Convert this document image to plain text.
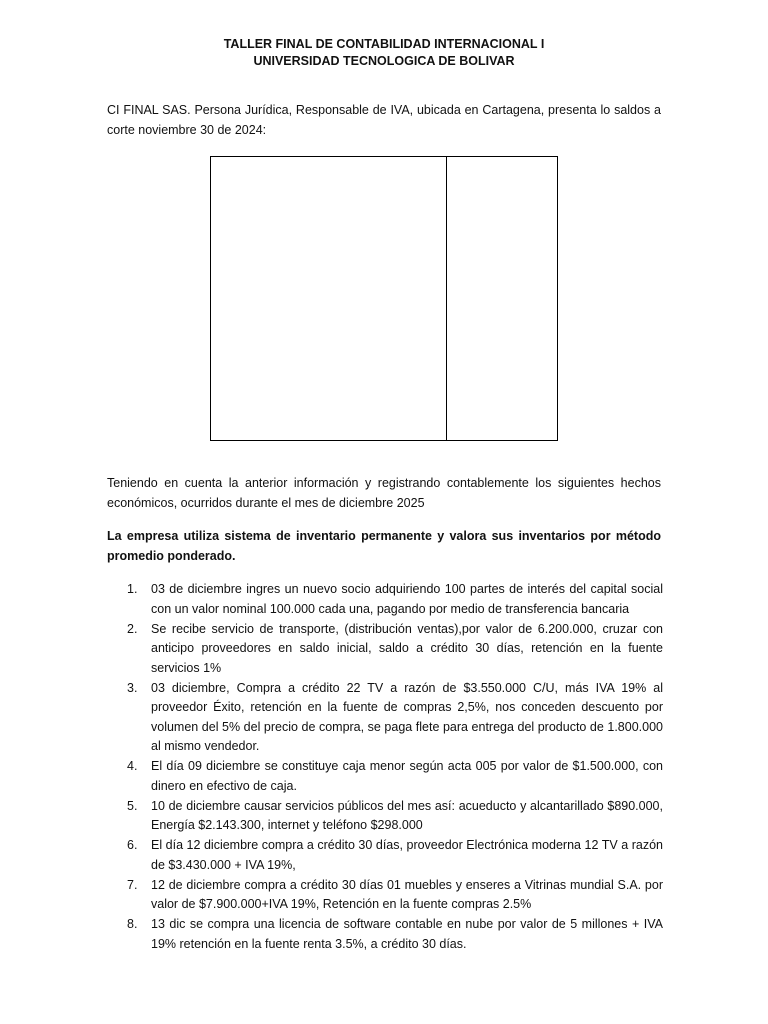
TALLER FINAL DE CONTABILIDAD INTERNACIONAL I
UNIVERSIDAD TECNOLOGICA DE BOLIVAR
CI FINAL SAS. Persona Jurídica, Responsable de IVA, ubicada en Cartagena, presenta lo saldos a corte noviembre 30 de 2024:
Teniendo en cuenta la anterior información y registrando contablemente los siguientes hechos económicos, ocurridos durante el mes de diciembre 2025
La empresa utiliza sistema de inventario permanente y valora sus inventarios por método promedio ponderado.
1. 03 de diciembre ingres un nuevo socio adquiriendo 100 partes de interés del capital social con un valor nominal 100.000 cada una, pagando por medio de transferencia bancaria
2. Se recibe servicio de transporte, (distribución ventas),por valor de 6.200.000, cruzar con anticipo proveedores en saldo inicial, saldo a crédito 30 días, retención en la fuente servicios 1%
3. 03 diciembre, Compra a crédito 22 TV a razón de $3.550.000 C/U, más IVA 19% al proveedor Éxito, retención en la fuente de compras 2,5%, nos conceden descuento por volumen del 5% del precio de compra, se paga flete para entrega del producto de 1.800.000 al mismo vendedor.
4. El día 09 diciembre se constituye caja menor según acta 005 por valor de $1.500.000, con dinero en efectivo de caja.
5. 10 de diciembre causar servicios públicos del mes así: acueducto y alcantarillado $890.000, Energía $2.143.300, internet y teléfono $298.000
6. El día 12 diciembre compra a crédito 30 días, proveedor Electrónica moderna 12 TV a razón de $3.430.000 + IVA 19%,
7. 12 de diciembre compra a crédito 30 días 01 muebles y enseres a Vitrinas mundial S.A. por valor de $7.900.000+IVA 19%, Retención en la fuente compras 2.5%
8. 13 dic se compra una licencia de software contable en nube por valor de 5 millones + IVA 19% retención en la fuente renta 3.5%, a crédito 30 días.
